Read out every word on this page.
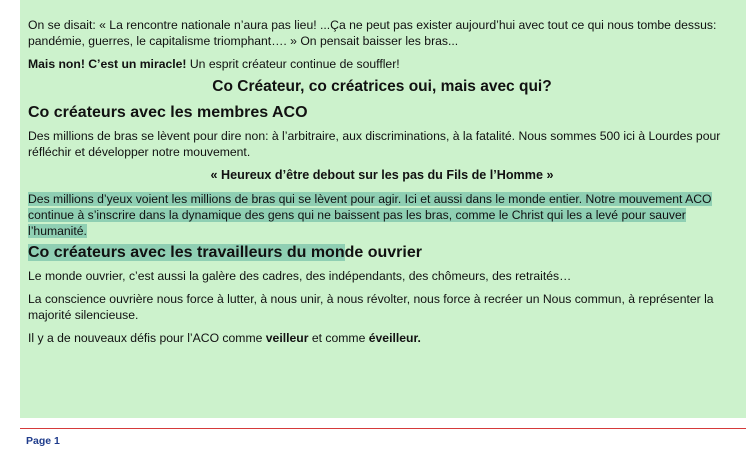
On se disait: « La rencontre nationale n’aura pas lieu! ...Ça ne peut pas exister aujourd’hui avec tout ce qui nous tombe dessus: pandémie, guerres, le capitalisme triomphant…. » On pensait baisser les bras...

Mais non! C’est un miracle! Un esprit créateur continue de souffler!

Co Créateur, co créatrices oui, mais avec qui?
Co créateurs avec les membres ACO

Des millions de bras se lèvent pour dire non: à l’arbitraire, aux discriminations, à la fatalité. Nous sommes 500 ici à Lourdes pour réfléchir et développer notre mouvement.

« Heureux d’être debout sur les pas du Fils de l’Homme »

Des millions d’yeux voient les millions de bras qui se lèvent pour agir. Ici et aussi dans le monde entier. Notre mouvement ACO continue à s’inscrire dans la dynamique des gens qui ne baissent pas les bras, comme le Christ qui les a levé pour sauver l’humanité.

Co créateurs avec les travailleurs du monde ouvrier

Le monde ouvrier, c’est aussi la galère des cadres, des indépendants, des chômeurs, des retraités…

La conscience ouvrière nous force à lutter, à nous unir, à nous révolter, nous force à recréer un Nous commun, à représenter la majorité silencieuse.

Il y a de nouveaux défis pour l’ACO comme veilleur et comme éveilleur.

Page 1
